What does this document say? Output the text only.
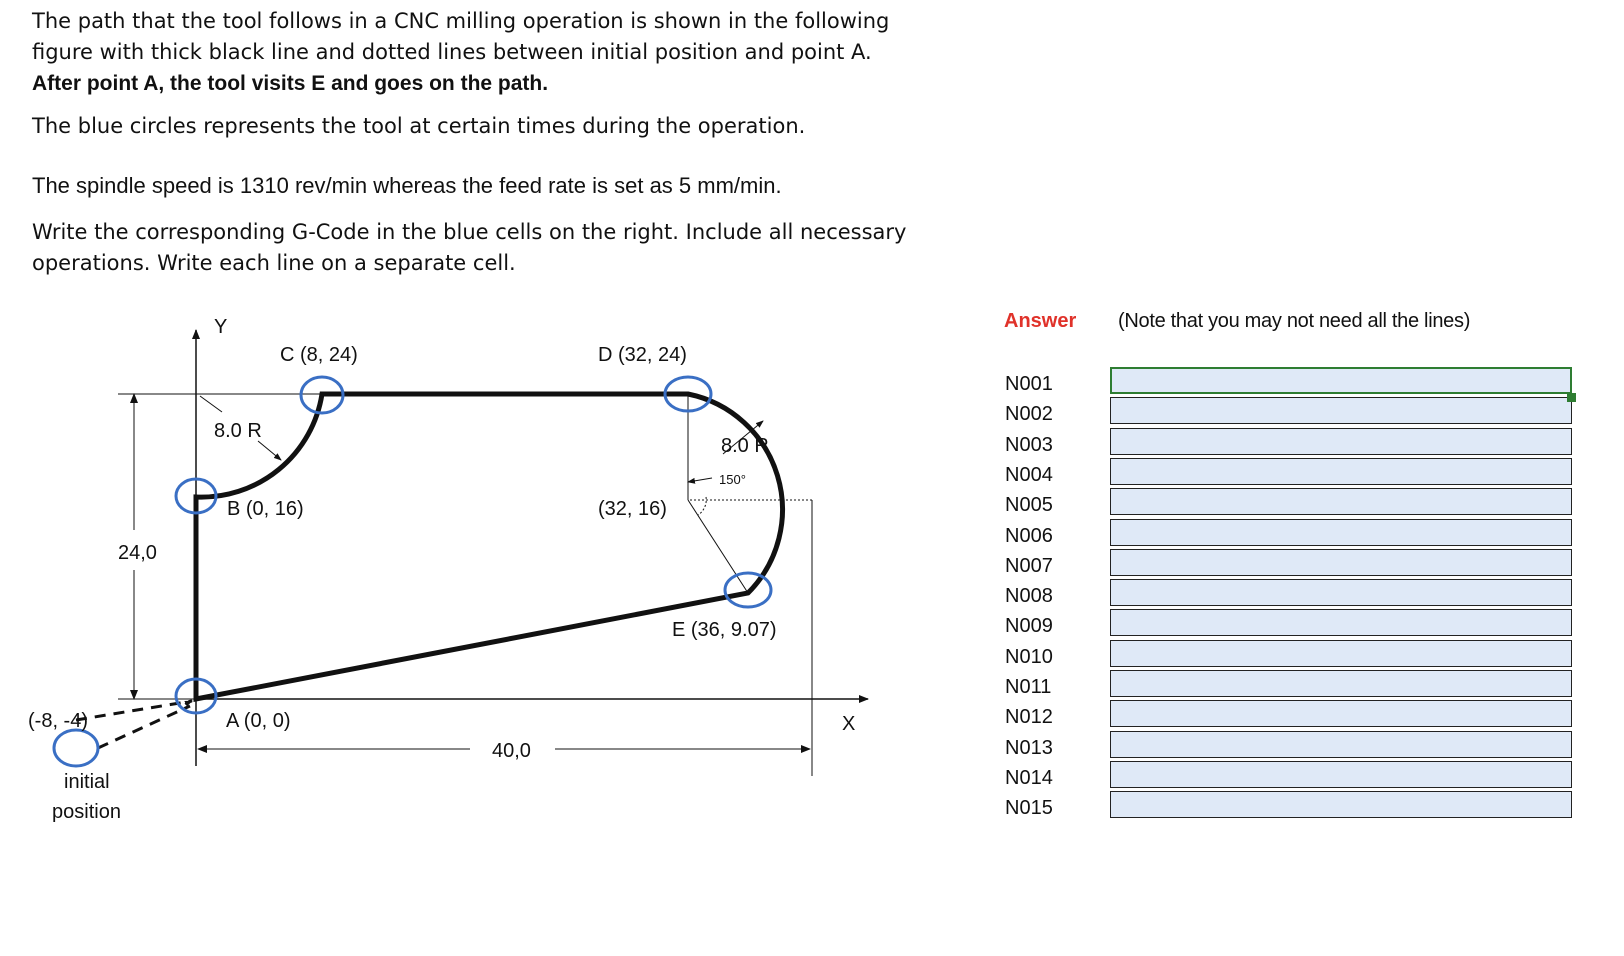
The path that the tool follows in a CNC milling operation is shown in the following
figure with thick black line and dotted lines between initial position and point A.
After point A, the tool visits E and goes on the path.
The blue circles represents the tool at certain times during the operation.
The spindle speed is 1310 rev/min whereas the feed rate is set as 5 mm/min.
Write the corresponding G-Code in the blue cells on the right. Include all necessary
operations. Write each line on a separate cell.
Y
X
C (8, 24)	D (32, 24)
8.0 R
8.0 R
150°
B (0, 16)	(32, 16)
24,0
E (36, 9.07)
(-8, -4)	A (0, 0)
40,0
initial
position
Answer (Note that you may not need all the lines)
N001
N002
N003
N004
N005
N006
N007
N008
N009
N010
N011
N012
N013
N014
N015
